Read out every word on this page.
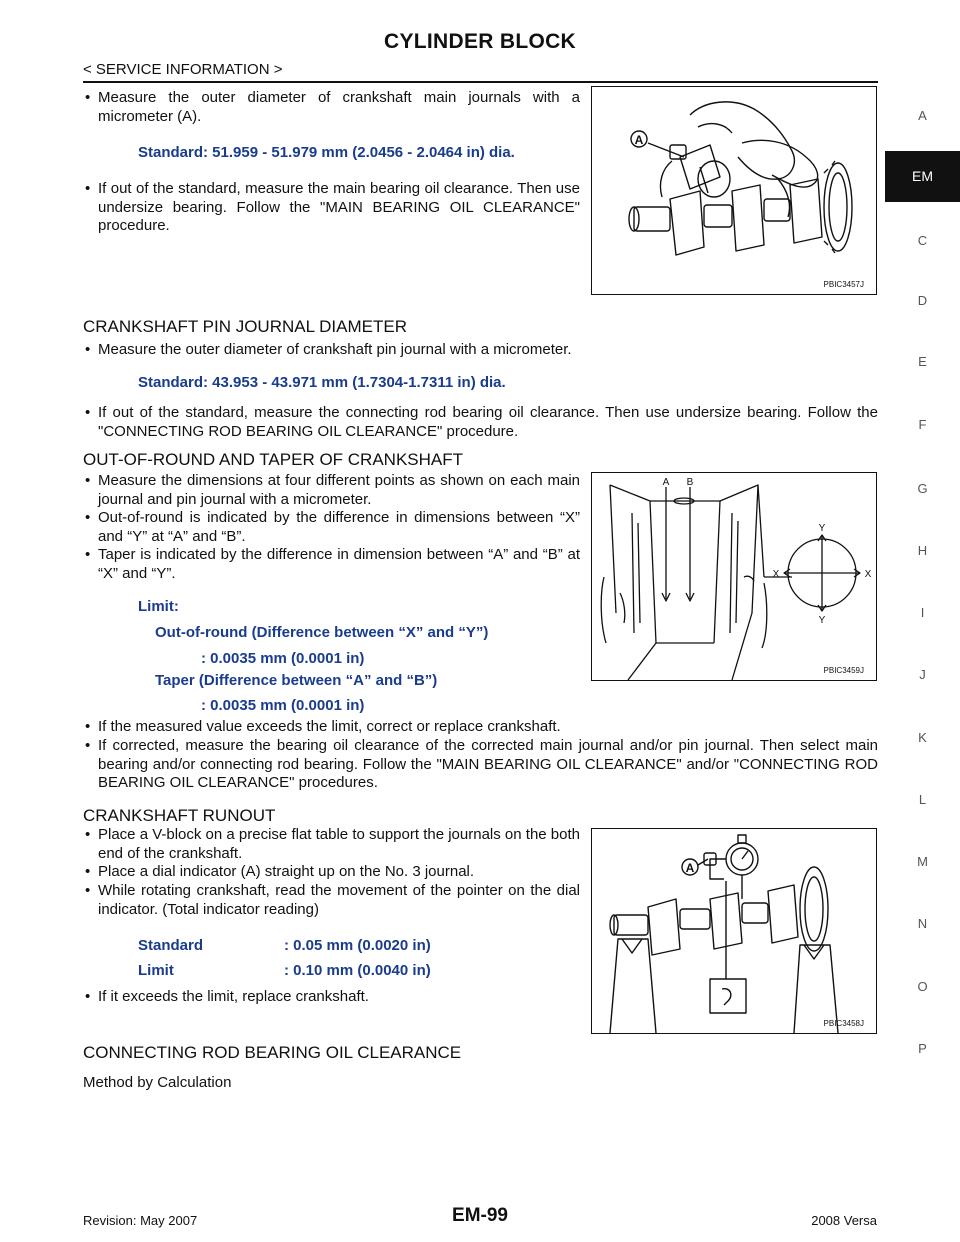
CYLINDER BLOCK
< SERVICE INFORMATION >
A
C
D
E
F
G
H
I
J
K
L
M
N
O
P
EM
• Measure the outer diameter of crankshaft main journals with a micrometer (A).
Standard: 51.959 - 51.979 mm (2.0456 - 2.0464 in) dia.
• If out of the standard, measure the main bearing oil clearance. Then use undersize bearing. Follow the "MAIN BEARING OIL CLEARANCE" procedure.
A
PBIC3457J
CRANKSHAFT PIN JOURNAL DIAMETER
• Measure the outer diameter of crankshaft pin journal with a micrometer.
Standard: 43.953 - 43.971 mm (1.7304-1.7311 in) dia.
• If out of the standard, measure the connecting rod bearing oil clearance. Then use undersize bearing. Follow the "CONNECTING ROD BEARING OIL CLEARANCE" procedure.
OUT-OF-ROUND AND TAPER OF CRANKSHAFT
• Measure the dimensions at four different points as shown on each main journal and pin journal with a micrometer.
• Out-of-round is indicated by the difference in dimensions between “X” and “Y” at “A” and “B”.
• Taper is indicated by the difference in dimension between “A” and “B” at “X” and “Y”.
Limit:
Out-of-round (Difference between “X” and “Y”)
: 0.0035 mm (0.0001 in)
Taper (Difference between “A” and “B”)
: 0.0035 mm (0.0001 in)
A B
Y
Y
X	X
PBIC3459J
• If the measured value exceeds the limit, correct or replace crankshaft.
• If corrected, measure the bearing oil clearance of the corrected main journal and/or pin journal. Then select main bearing and/or connecting rod bearing. Follow the "MAIN BEARING OIL CLEARANCE" and/or "CONNECTING ROD BEARING OIL CLEARANCE" procedures.
CRANKSHAFT RUNOUT
• Place a V-block on a precise flat table to support the journals on the both end of the crankshaft.
• Place a dial indicator (A) straight up on the No. 3 journal.
• While rotating crankshaft, read the movement of the pointer on the dial indicator. (Total indicator reading)
Standard	: 0.05 mm (0.0020 in)
Limit	: 0.10 mm (0.0040 in)
• If it exceeds the limit, replace crankshaft.
A
PBIC3458J
CONNECTING ROD BEARING OIL CLEARANCE
Method by Calculation
Revision: May 2007	EM-99	2008 Versa
